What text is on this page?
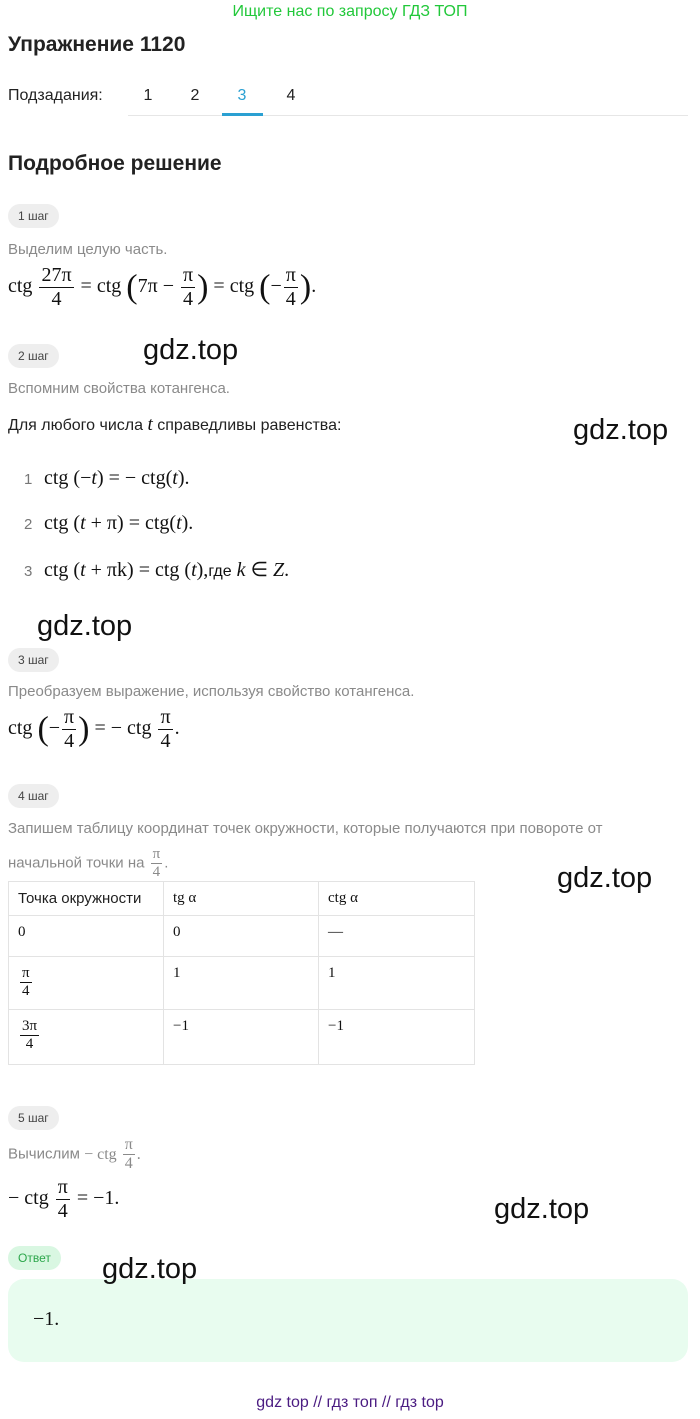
Ищите нас по запросу ГДЗ ТОП
Упражнение 1120
Подзадания:	1	2	3	4
Подробное решение
1 шаг
Выделим целую часть.
ctg $\frac{27\pi}{4}$ = ctg ($7\pi - \frac{\pi}{4}$ ) = ctg (− $\frac{\pi}{4}$ ).
2 шаг	gdz.top
Вспомним свойства котангенса.
Для любого числа t справедливы равенства:	gdz.top
1 ctg (−t) = − ctg(t).
2 ctg (t + π) = ctg(t).
3 ctg (t + πk) = ctg (t),где k ∈ Z.
gdz.top
3 шаг
Преобразуем выражение, используя свойство котангенса.
ctg (− $\frac{\pi}{4}$ ) = − ctg $\frac{\pi}{4}$ .
4 шаг
Запишем таблицу координат точек окружности, которые получаются при повороте от
начальной точки на $\frac{\pi}{4}$ .	gdz.top
Точка окружности	tg α	ctg α
0	0	—

$\frac{\pi}{4}$	1	1

$\frac{3\pi}{4}$	−1	−1
5 шаг
Вычислим − ctg $\frac{\pi}{4}$ .
− ctg $\frac{\pi}{4} = -1$.	gdz.top
Ответ	gdz.top
−1.
gdz top // гдз топ // гдз top
